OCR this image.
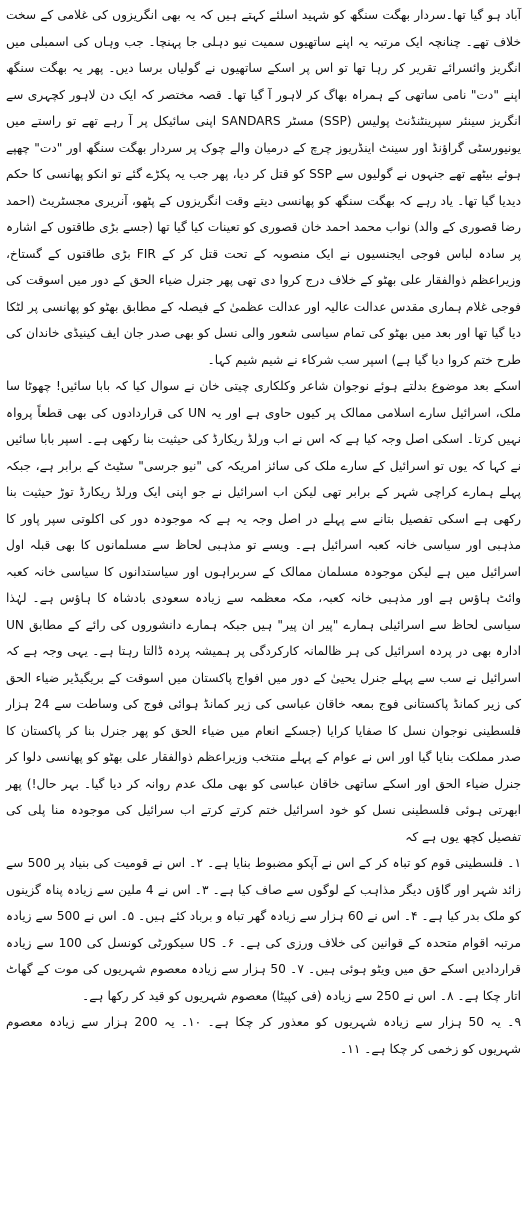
آباد ہو گیا تھا۔سردار بھگت سنگھ کو شہید اسلئے کہتے ہیں کہ یہ بھی انگریزوں کی غلامی کے سخت خلاف تھے۔ چنانچہ ایک مرتبہ یہ اپنے ساتھیوں سمیت نیو دہلی جا پہنچا۔ جب وہاں کی اسمبلی میں انگریز وائسرائے تقریر کر رہا تھا تو اس پر اسکے ساتھیوں نے گولیاں برسا دیں۔ پھر یہ بھگت سنگھ اپنے "دت" نامی ساتھی کے ہمراہ بھاگ کر لاہور آ گیا تھا۔ قصہ مختصر کہ ایک دن لاہور کچہری سے انگریز سینئر سپرینٹنڈنٹ پولیس (SSP) مسٹر SANDARS اپنی سائیکل پر آ رہے تھے تو راستے میں یونیورسٹی گراؤنڈ اور سینٹ اینڈریوز چرچ کے درمیان والے چوک پر سردار بھگت سنگھ اور "دت" چھپے ہوئے بیٹھے تھے جنہوں نے گولیوں سے SSP کو قتل کر دیا، پھر جب یہ پکڑے گئے تو انکو پھانسی کا حکم دیدیا گیا تھا۔ یاد رہے کہ بھگت سنگھ کو پھانسی دیتے وقت انگریزوں کے پٹھو، آنریری مجسٹریٹ (احمد رضا قصوری کے والد) نواب محمد احمد خان قصوری کو تعینات کیا گیا تھا (جسے بڑی طاقتوں کے اشارہ پر سادہ لباس فوجی ایجنسیوں نے ایک منصوبہ کے تحت قتل کر کے FIR بڑی طاقتوں کے گستاخ، وزیراعظم ذوالفقار علی بھٹو کے خلاف درج کروا دی تھی پھر جنرل ضیاء الحق کے دور میں اسوقت کی فوجی غلام ہماری مقدس عدالت عالیہ اور عدالت عظمیٰ کے فیصلہ کے مطابق بھٹو کو پھانسی پر لٹکا دیا گیا تھا اور بعد میں بھٹو کی تمام سیاسی شعور والی نسل کو بھی صدر جان ایف کینیڈی خاندان کی طرح ختم کروا دیا گیا ہے) اسپر سب شرکاء نے شیم شیم کہا۔

اسکے بعد موضوع بدلتے ہوئے نوجوان شاعر وکلکاری چیتی خان نے سوال کیا کہ بابا سائیں! چھوٹا سا ملک، اسرائیل سارے اسلامی ممالک پر کیوں حاوی ہے اور یہ UN کی قراردادوں کی بھی قطعاً پرواہ نہیں کرتا۔ اسکی اصل وجہ کیا ہے کہ اس نے اب ورلڈ ریکارڈ کی حیثیت بنا رکھی ہے۔ اسپر بابا سائیں نے کہا کہ یوں تو اسرائیل کے سارے ملک کی سائز امریکہ کی "نیو جرسی" سٹیٹ کے برابر ہے، جبکہ پہلے ہمارے کراچی شہر کے برابر تھی لیکن اب اسرائیل نے جو اپنی ایک ورلڈ ریکارڈ توڑ حیثیت بنا رکھی ہے اسکی تفصیل بتانے سے پہلے در اصل وجہ یہ ہے کہ موجودہ دور کی اکلوتی سپر پاور کا مذہبی اور سیاسی خانہ کعبہ اسرائیل ہے۔ ویسے تو مذہبی لحاظ سے مسلمانوں کا بھی قبلہ اول اسرائیل میں ہے لیکن موجودہ مسلمان ممالک کے سربراہوں اور سیاستدانوں کا سیاسی خانہ کعبہ وائٹ ہاؤس ہے اور مذہبی خانہ کعبہ، مکہ معظمہ سے زیادہ سعودی بادشاہ کا ہاؤس ہے۔ لہٰذا سیاسی لحاظ سے اسرائیلی ہمارے "پیر ان پیر" ہیں جبکہ ہمارے دانشوروں کی رائے کے مطابق UN ادارہ بھی در پردہ اسرائیل کی ہر ظالمانہ کارکردگی پر ہمیشہ پردہ ڈالتا رہتا ہے۔ یہی وجہ ہے کہ اسرائیل نے سب سے پہلے جنرل یحییٰ کے دور میں افواج پاکستان میں اسوقت کے بریگیڈیر ضیاء الحق کی زیر کمانڈ پاکستانی فوج بمعہ خاقان عباسی کی زیر کمانڈ ہوائی فوج کی وساطت سے 24 ہزار فلسطینی نوجوان نسل کا صفایا کرایا (جسکے انعام میں ضیاء الحق کو پھر جنرل بنا کر پاکستان کا صدر مملکت بنایا گیا اور اس نے عوام کے پہلے منتخب وزیراعظم ذوالفقار علی بھٹو کو پھانسی دلوا کر جنرل ضیاء الحق اور اسکے ساتھی خاقان عباسی کو بھی ملک عدم روانہ کر دیا گیا۔ بہر حال!) پھر ابھرتی ہوئی فلسطینی نسل کو خود اسرائیل ختم کرتے کرتے اب سرائیل کی موجودہ منا پلی کی تفصیل کچھ یوں ہے کہ

۱۔ فلسطینی قوم کو تباہ کر کے اس نے آپکو مضبوط بنایا ہے۔ ۲۔ اس نے قومیت کی بنیاد پر 500 سے زائد شہر اور گاؤں دیگر مذاہب کے لوگوں سے صاف کیا ہے۔ ۳۔ اس نے 4 ملین سے زیادہ پناہ گزینوں کو ملک بدر کیا ہے۔ ۴۔ اس نے 60 ہزار سے زیادہ گھر تباہ و برباد کئے ہیں۔ ۵۔ اس نے 500 سے زیادہ مرتبہ اقوام متحدہ کے قوانین کی خلاف ورزی کی ہے۔ ۶۔ US سیکورٹی کونسل کی 100 سے زیادہ قراردادیں اسکے حق میں ویٹو ہوئی ہیں۔ ۷۔ 50 ہزار سے زیادہ معصوم شہریوں کی موت کے گھاٹ اتار چکا ہے۔ ۸۔ اس نے 250 سے زیادہ (فی کپیٹا) معصوم شہریوں کو قید کر رکھا ہے۔

۹۔ یہ 50 ہزار سے زیادہ شہریوں کو معذور کر چکا ہے۔ ۱۰۔ یہ 200 ہزار سے زیادہ معصوم شہریوں کو زخمی کر چکا ہے۔ ۱۱۔
